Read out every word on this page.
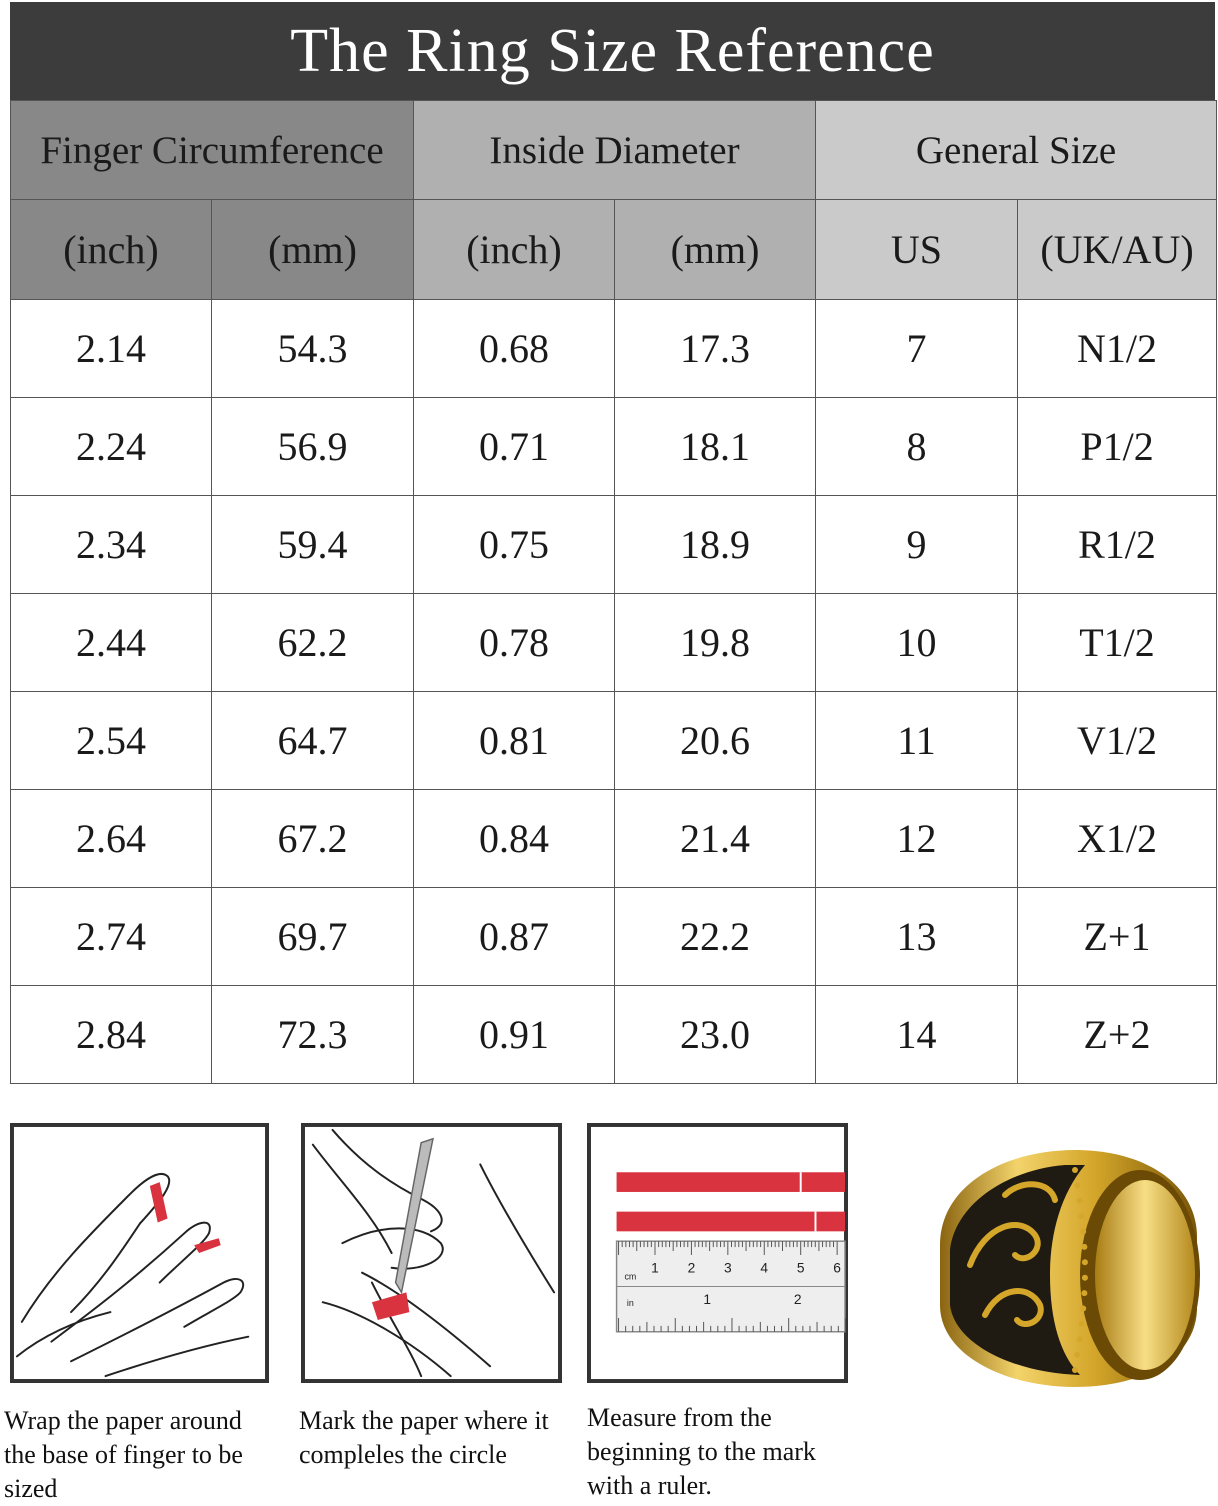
The Ring Size Reference
Finger Circumference		Inside Diameter		General Size	
(inch)	(mm)	(inch)	(mm)	US	(UK/AU)
2.14	54.3	0.68	17.3	7	N1/2
2.24	56.9	0.71	18.1	8	P1/2
2.34	59.4	0.75	18.9	9	R1/2
2.44	62.2	0.78	19.8	10	T1/2
2.54	64.7	0.81	20.6	11	V1/2
2.64	67.2	0.84	21.4	12	X1/2
2.74	69.7	0.87	22.2	13	Z+1
2.84	72.3	0.91	23.0	14	Z+2
Wrap the paper around the base of finger to be sized
Mark the paper where it compleles the circle
cm
1 2 3 4 5 6
in	1	2
Measure from the beginning to the mark with a ruler.
